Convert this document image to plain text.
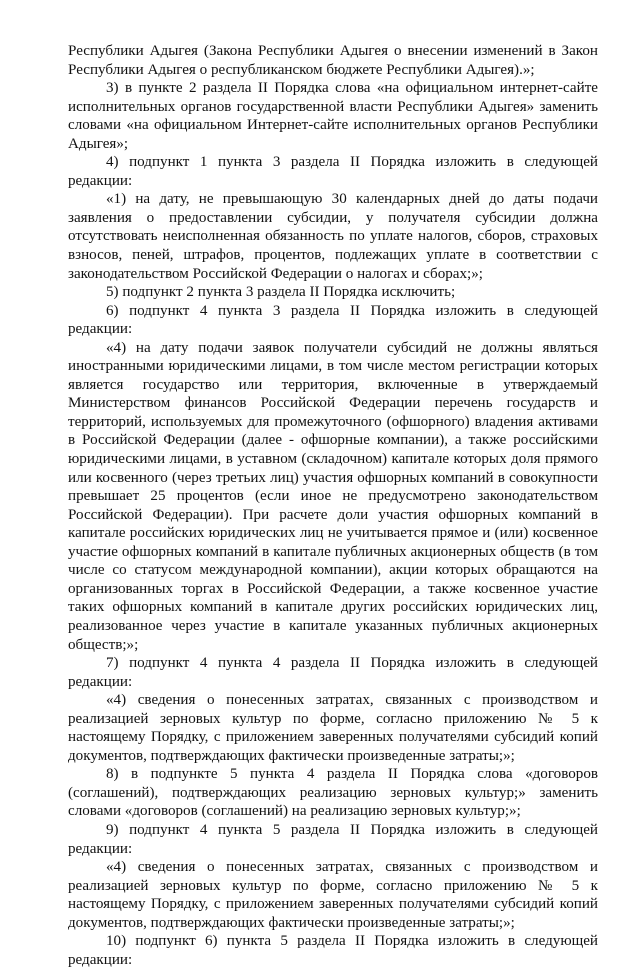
Республики Адыгея (Закона Республики Адыгея о внесении изменений в Закон Республики Адыгея о республиканском бюджете Республики Адыгея).»;

3) в пункте 2 раздела II Порядка слова «на официальном интернет-сайте исполнительных органов государственной власти Республики Адыгея» заменить словами «на официальном Интернет-сайте исполнительных органов Республики Адыгея»;

4) подпункт 1 пункта 3 раздела II Порядка изложить в следующей редакции:

«1) на дату, не превышающую 30 календарных дней до даты подачи заявления о предоставлении субсидии, у получателя субсидии должна отсутствовать неисполненная обязанность по уплате налогов, сборов, страховых взносов, пеней, штрафов, процентов, подлежащих уплате в соответствии с законодательством Российской Федерации о налогах и сборах;»;

5) подпункт 2 пункта 3 раздела II Порядка исключить;

6) подпункт 4 пункта 3 раздела II Порядка изложить в следующей редакции:

«4) на дату подачи заявок получатели субсидий не должны являться иностранными юридическими лицами, в том числе местом регистрации которых является государство или территория, включенные в утверждаемый Министерством финансов Российской Федерации перечень государств и территорий, используемых для промежуточного (офшорного) владения активами в Российской Федерации (далее - офшорные компании), а также российскими юридическими лицами, в уставном (складочном) капитале которых доля прямого или косвенного (через третьих лиц) участия офшорных компаний в совокупности превышает 25 процентов (если иное не предусмотрено законодательством Российской Федерации). При расчете доли участия офшорных компаний в капитале российских юридических лиц не учитывается прямое и (или) косвенное участие офшорных компаний в капитале публичных акционерных обществ (в том числе со статусом международной компании), акции которых обращаются на организованных торгах в Российской Федерации, а также косвенное участие таких офшорных компаний в капитале других российских юридических лиц, реализованное через участие в капитале указанных публичных акционерных обществ;»;

7) подпункт 4 пункта 4 раздела II Порядка изложить в следующей редакции:

«4) сведения о понесенных затратах, связанных с производством и реализацией зерновых культур по форме, согласно приложению № 5 к настоящему Порядку, с приложением заверенных получателями субсидий копий документов, подтверждающих фактически произведенные затраты;»;

8) в подпункте 5 пункта 4 раздела II Порядка слова «договоров (соглашений), подтверждающих реализацию зерновых культур;» заменить словами «договоров (соглашений) на реализацию зерновых культур;»;

9) подпункт 4 пункта 5 раздела II Порядка изложить в следующей редакции:

«4) сведения о понесенных затратах, связанных с производством и реализацией зерновых культур по форме, согласно приложению № 5 к настоящему Порядку, с приложением заверенных получателями субсидий копий документов, подтверждающих фактически произведенные затраты;»;

10) подпункт 6) пункта 5 раздела II Порядка изложить в следующей редакции:
